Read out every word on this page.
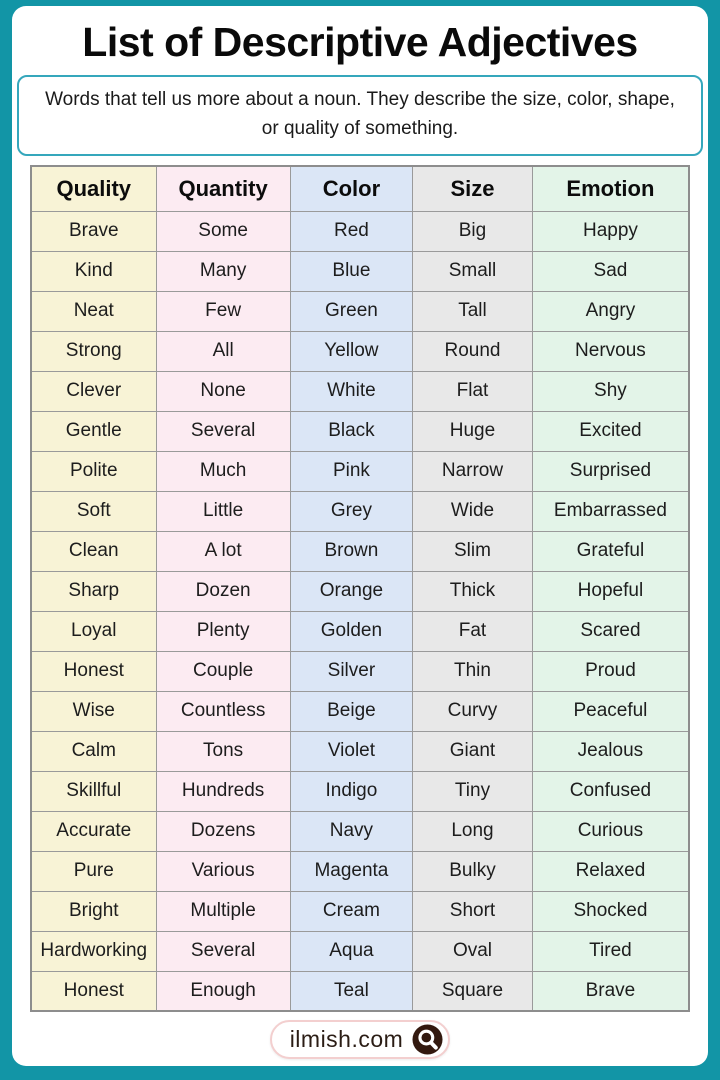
List of Descriptive Adjectives
Words that tell us more about a noun. They describe the size, color, shape, or quality of something.
Quality	Quantity	Color	Size	Emotion
Brave	Some	Red	Big	Happy
Kind	Many	Blue	Small	Sad
Neat	Few	Green	Tall	Angry
Strong	All	Yellow	Round	Nervous
Clever	None	White	Flat	Shy
Gentle	Several	Black	Huge	Excited
Polite	Much	Pink	Narrow	Surprised
Soft	Little	Grey	Wide	Embarrassed
Clean	A lot	Brown	Slim	Grateful
Sharp	Dozen	Orange	Thick	Hopeful
Loyal	Plenty	Golden	Fat	Scared
Honest	Couple	Silver	Thin	Proud
Wise	Countless	Beige	Curvy	Peaceful
Calm	Tons	Violet	Giant	Jealous
Skillful	Hundreds	Indigo	Tiny	Confused
Accurate	Dozens	Navy	Long	Curious
Pure	Various	Magenta	Bulky	Relaxed
Bright	Multiple	Cream	Short	Shocked
Hardworking	Several	Aqua	Oval	Tired
Honest	Enough	Teal	Square	Brave
ilmish.com
